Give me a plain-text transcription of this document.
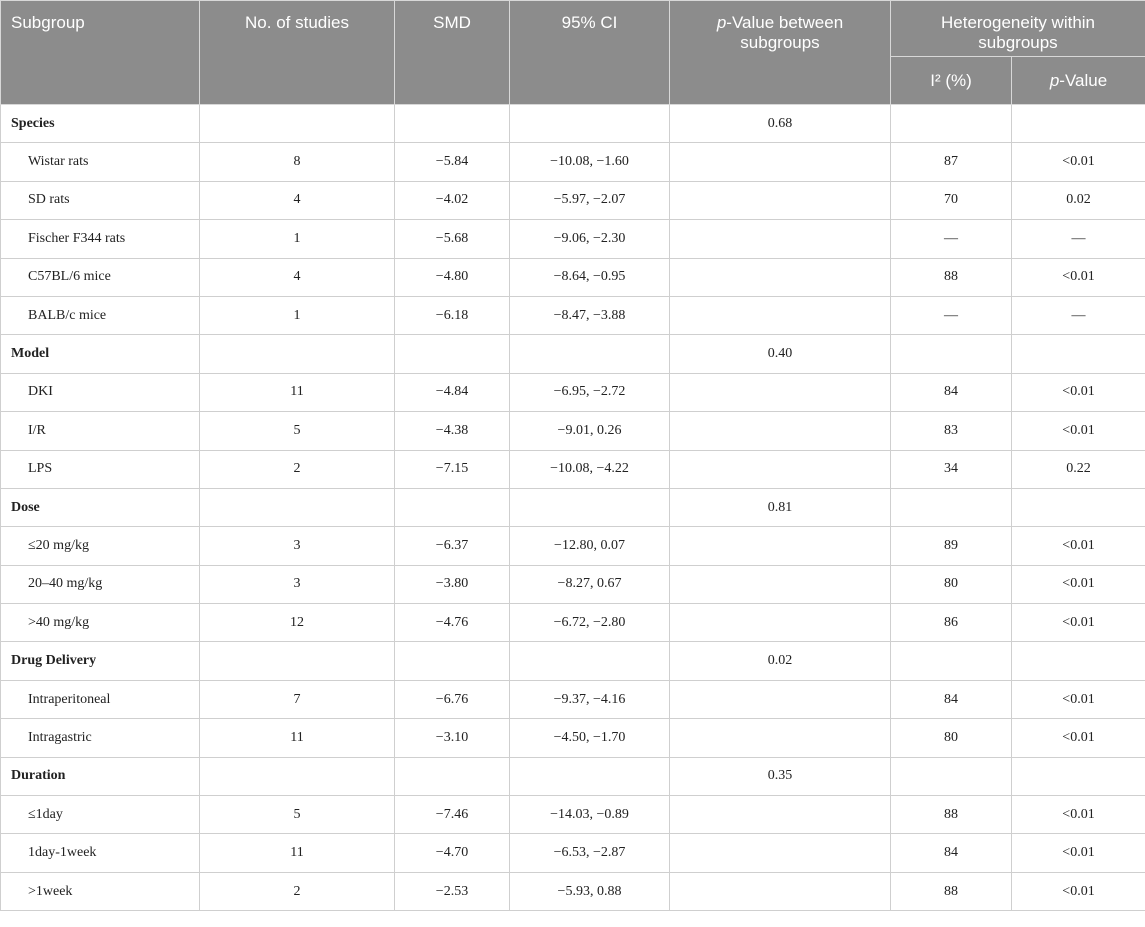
Subgroup	No. of studies	SMD	95% CI	p-Value between subgroups	Heterogeneity within subgroups	
					I² (%)	p-Value
Species				0.68		
Wistar rats	8	−5.84	−10.08, −1.60		87	<0.01
SD rats	4	−4.02	−5.97, −2.07		70	0.02
Fischer F344 rats	1	−5.68	−9.06, −2.30		—	—
C57BL/6 mice	4	−4.80	−8.64, −0.95		88	<0.01
BALB/c mice	1	−6.18	−8.47, −3.88		—	—
Model				0.40		
DKI	11	−4.84	−6.95, −2.72		84	<0.01
I/R	5	−4.38	−9.01, 0.26		83	<0.01
LPS	2	−7.15	−10.08, −4.22		34	0.22
Dose				0.81		
≤20 mg/kg	3	−6.37	−12.80, 0.07		89	<0.01
20–40 mg/kg	3	−3.80	−8.27, 0.67		80	<0.01
>40 mg/kg	12	−4.76	−6.72, −2.80		86	<0.01
Drug Delivery				0.02		
Intraperitoneal	7	−6.76	−9.37, −4.16		84	<0.01
Intragastric	11	−3.10	−4.50, −1.70		80	<0.01
Duration				0.35		
≤1day	5	−7.46	−14.03, −0.89		88	<0.01
1day-1week	11	−4.70	−6.53, −2.87		84	<0.01
>1week	2	−2.53	−5.93, 0.88		88	<0.01
